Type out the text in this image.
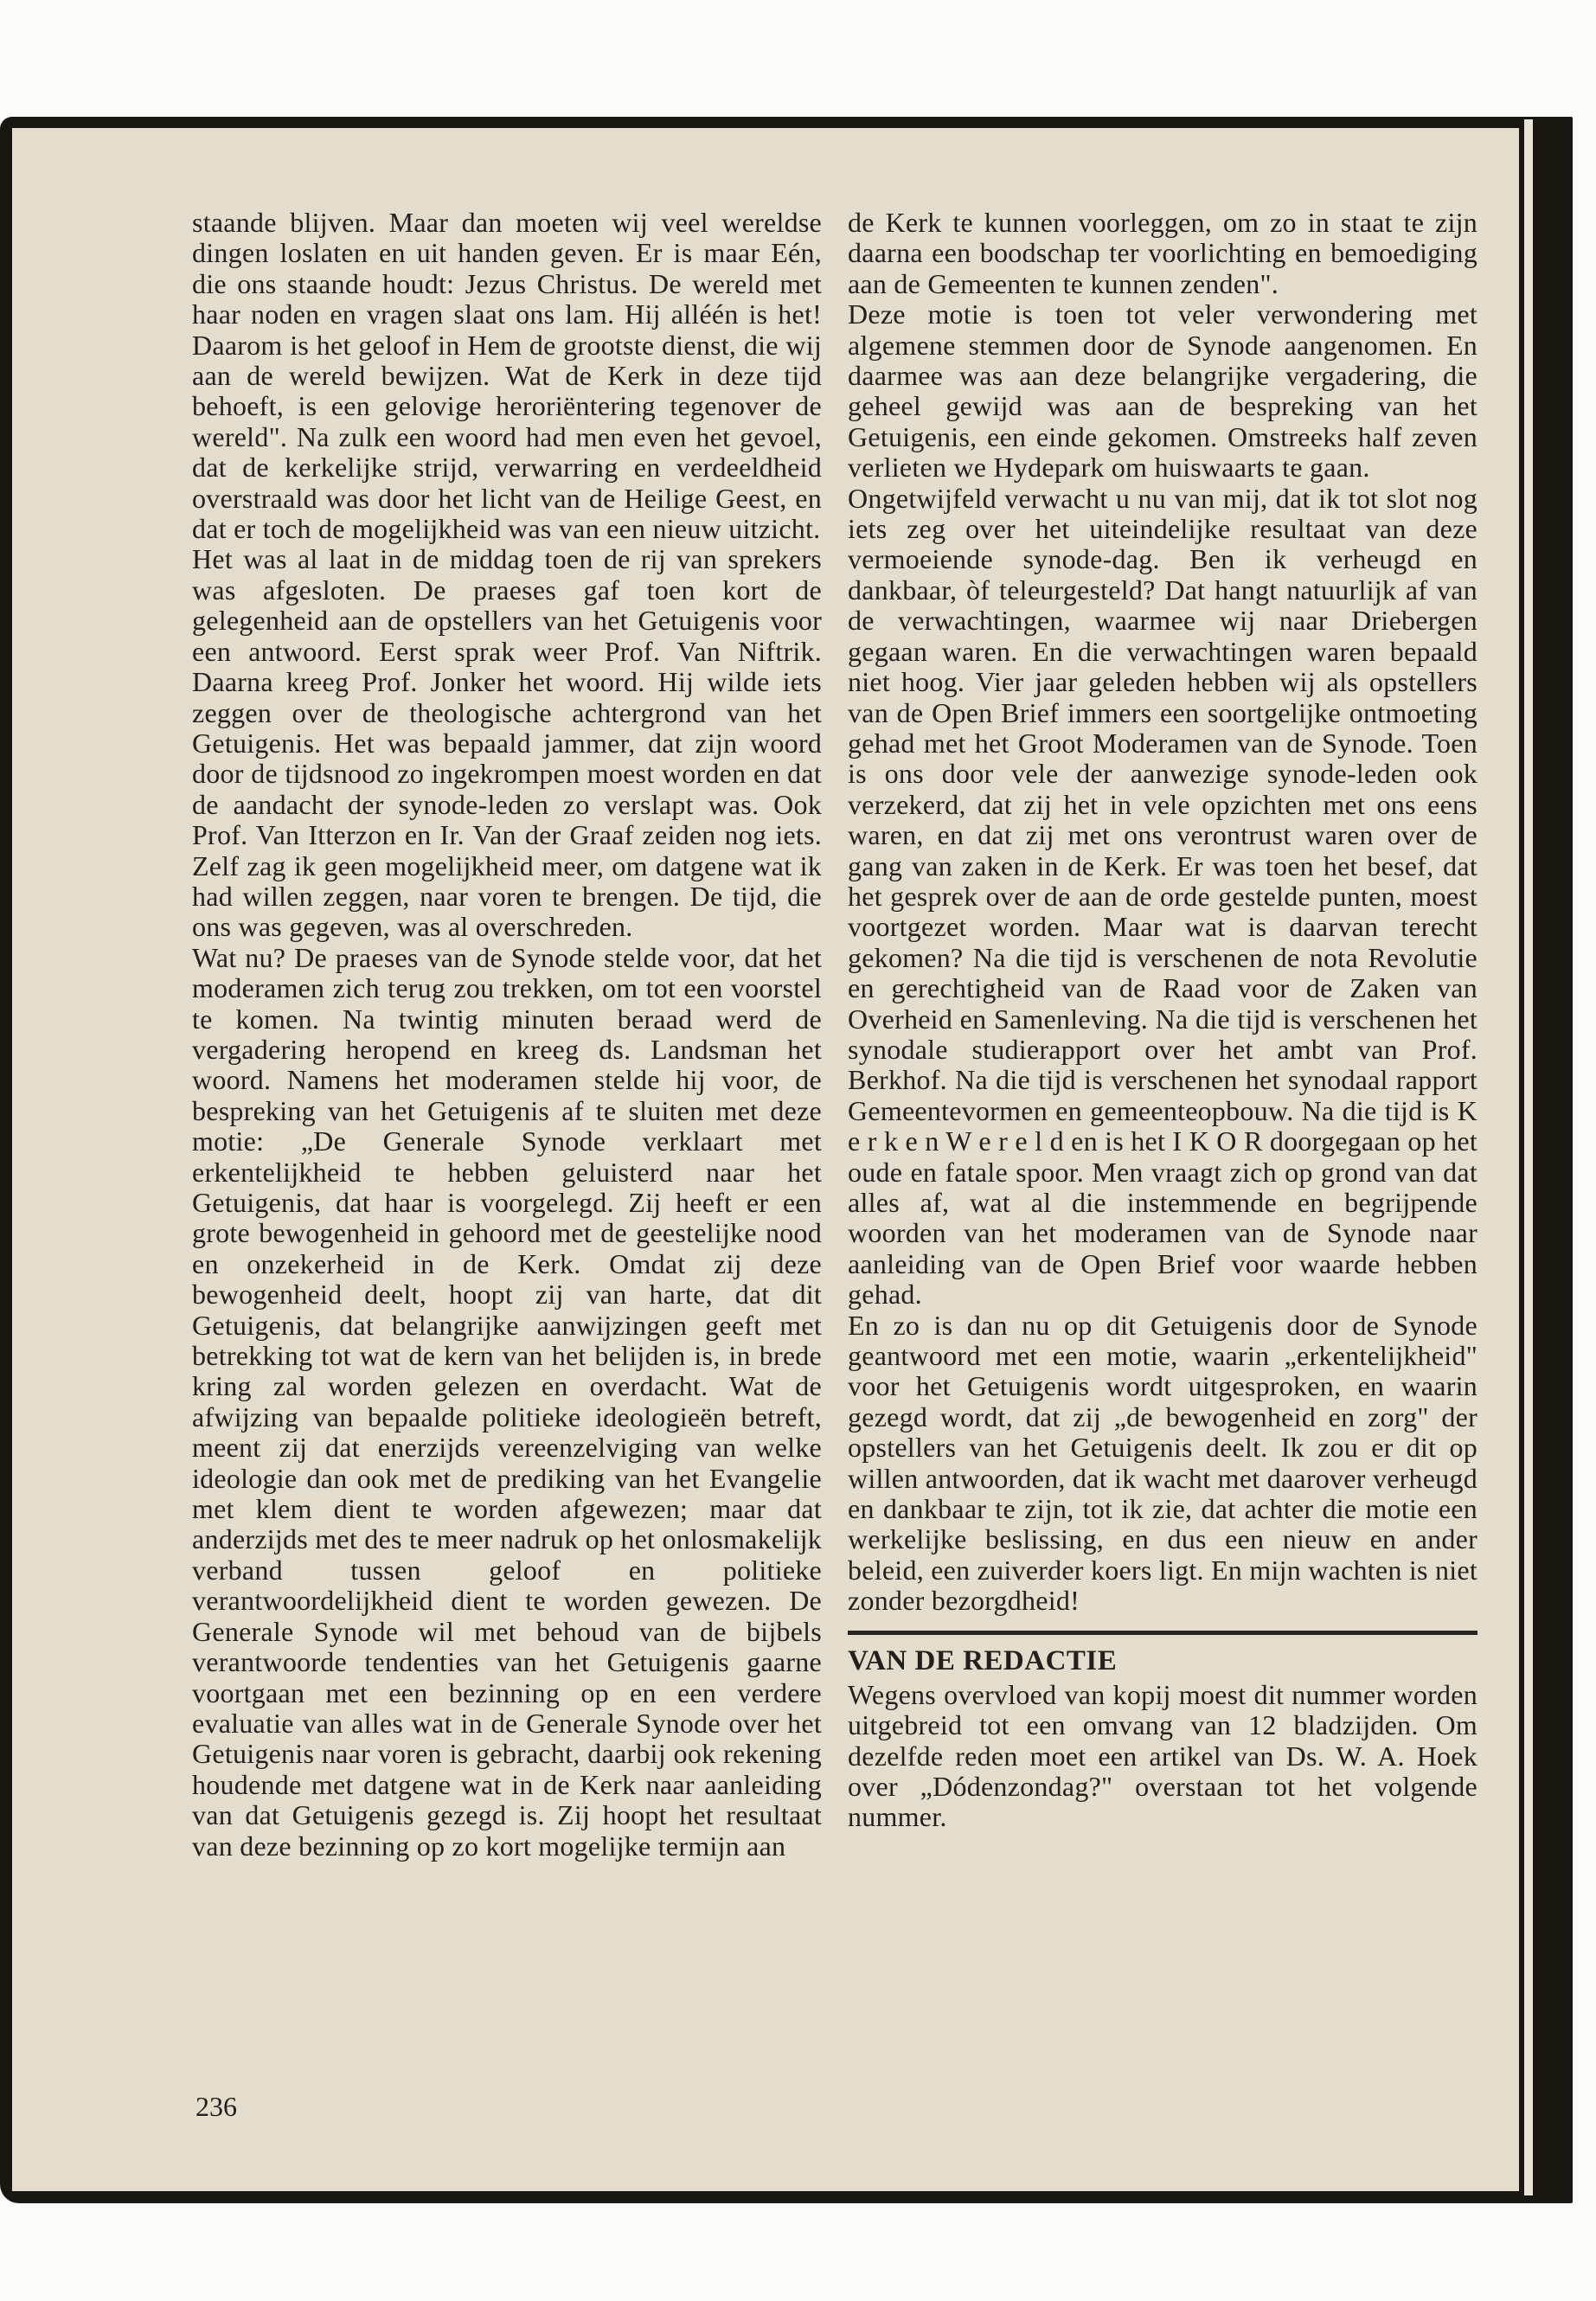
staande blijven. Maar dan moeten wij veel wereldse dingen loslaten en uit handen geven. Er is maar Eén, die ons staande houdt: Jezus Christus. De wereld met haar noden en vragen slaat ons lam. Hij alléén is het! Daarom is het geloof in Hem de grootste dienst, die wij aan de wereld bewijzen. Wat de Kerk in deze tijd behoeft, is een gelovige heroriëntering tegenover de wereld". Na zulk een woord had men even het gevoel, dat de kerkelijke strijd, verwarring en verdeeldheid overstraald was door het licht van de Heilige Geest, en dat er toch de mogelijkheid was van een nieuw uitzicht.

Het was al laat in de middag toen de rij van sprekers was afgesloten. De praeses gaf toen kort de gelegenheid aan de opstellers van het Getuigenis voor een antwoord. Eerst sprak weer Prof. Van Niftrik. Daarna kreeg Prof. Jonker het woord. Hij wilde iets zeggen over de theologische achtergrond van het Getuigenis. Het was bepaald jammer, dat zijn woord door de tijdsnood zo ingekrompen moest worden en dat de aandacht der synode-leden zo verslapt was. Ook Prof. Van Itterzon en Ir. Van der Graaf zeiden nog iets. Zelf zag ik geen mogelijkheid meer, om datgene wat ik had willen zeggen, naar voren te brengen. De tijd, die ons was gegeven, was al overschreden.

Wat nu? De praeses van de Synode stelde voor, dat het moderamen zich terug zou trekken, om tot een voorstel te komen. Na twintig minuten beraad werd de vergadering heropend en kreeg ds. Landsman het woord. Namens het moderamen stelde hij voor, de bespreking van het Getuigenis af te sluiten met deze motie: „De Generale Synode verklaart met erkentelijkheid te hebben geluisterd naar het Getuigenis, dat haar is voorgelegd. Zij heeft er een grote bewogenheid in gehoord met de geestelijke nood en onzekerheid in de Kerk. Omdat zij deze bewogenheid deelt, hoopt zij van harte, dat dit Getuigenis, dat belangrijke aanwijzingen geeft met betrekking tot wat de kern van het belijden is, in brede kring zal worden gelezen en overdacht. Wat de afwijzing van bepaalde politieke ideologieën betreft, meent zij dat enerzijds vereenzelviging van welke ideologie dan ook met de prediking van het Evangelie met klem dient te worden afgewezen; maar dat anderzijds met des te meer nadruk op het onlosmakelijk verband tussen geloof en politieke verantwoordelijkheid dient te worden gewezen. De Generale Synode wil met behoud van de bijbels verantwoorde tendenties van het Getuigenis gaarne voortgaan met een bezinning op en een verdere evaluatie van alles wat in de Generale Synode over het Getuigenis naar voren is gebracht, daarbij ook rekening houdende met datgene wat in de Kerk naar aanleiding van dat Getuigenis gezegd is. Zij hoopt het resultaat van deze bezinning op zo kort mogelijke termijn aan

de Kerk te kunnen voorleggen, om zo in staat te zijn daarna een boodschap ter voorlichting en bemoediging aan de Gemeenten te kunnen zenden".

Deze motie is toen tot veler verwondering met algemene stemmen door de Synode aangenomen. En daarmee was aan deze belangrijke vergadering, die geheel gewijd was aan de bespreking van het Getuigenis, een einde gekomen. Omstreeks half zeven verlieten we Hydepark om huiswaarts te gaan.

Ongetwijfeld verwacht u nu van mij, dat ik tot slot nog iets zeg over het uiteindelijke resultaat van deze vermoeiende synode-dag. Ben ik verheugd en dankbaar, òf teleurgesteld? Dat hangt natuurlijk af van de verwachtingen, waarmee wij naar Driebergen gegaan waren. En die verwachtingen waren bepaald niet hoog. Vier jaar geleden hebben wij als opstellers van de Open Brief immers een soortgelijke ontmoeting gehad met het Groot Moderamen van de Synode. Toen is ons door vele der aanwezige synode-leden ook verzekerd, dat zij het in vele opzichten met ons eens waren, en dat zij met ons verontrust waren over de gang van zaken in de Kerk. Er was toen het besef, dat het gesprek over de aan de orde gestelde punten, moest voortgezet worden. Maar wat is daarvan terecht gekomen? Na die tijd is verschenen de nota Revolutie en gerechtigheid van de Raad voor de Zaken van Overheid en Samenleving. Na die tijd is verschenen het synodale studierapport over het ambt van Prof. Berkhof. Na die tijd is verschenen het synodaal rapport Gemeentevormen en gemeenteopbouw. Na die tijd is K e r k e n W e r e l d en is het I K O R doorgegaan op het oude en fatale spoor. Men vraagt zich op grond van dat alles af, wat al die instemmende en begrijpende woorden van het moderamen van de Synode naar aanleiding van de Open Brief voor waarde hebben gehad.

En zo is dan nu op dit Getuigenis door de Synode geantwoord met een motie, waarin „erkentelijkheid" voor het Getuigenis wordt uitgesproken, en waarin gezegd wordt, dat zij „de bewogenheid en zorg" der opstellers van het Getuigenis deelt. Ik zou er dit op willen antwoorden, dat ik wacht met daarover verheugd en dankbaar te zijn, tot ik zie, dat achter die motie een werkelijke beslissing, en dus een nieuw en ander beleid, een zuiverder koers ligt. En mijn wachten is niet zonder bezorgdheid!

VAN DE REDACTIE

Wegens overvloed van kopij moest dit nummer worden uitgebreid tot een omvang van 12 bladzijden. Om dezelfde reden moet een artikel van Ds. W. A. Hoek over „Dódenzondag?" overstaan tot het volgende nummer.

236
